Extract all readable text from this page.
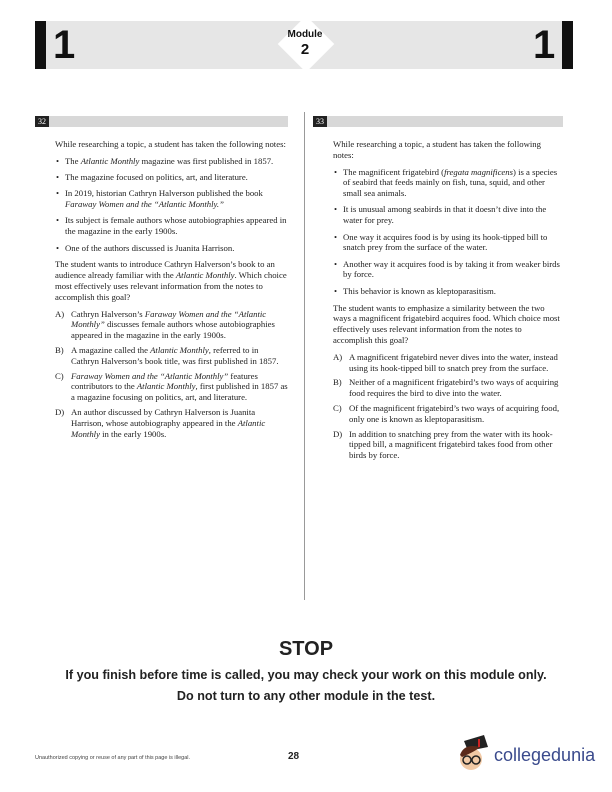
1	Module
2	1
32

While researching a topic, a student has taken the following notes:

• The Atlantic Monthly magazine was first published in 1857.
• The magazine focused on politics, art, and literature.
• In 2019, historian Cathryn Halverson published the book Faraway Women and the “Atlantic Monthly.”
• Its subject is female authors whose autobiographies appeared in the magazine in the early 1900s.
• One of the authors discussed is Juanita Harrison.

The student wants to introduce Cathryn Halverson’s book to an audience already familiar with the Atlantic Monthly. Which choice most effectively uses relevant information from the notes to accomplish this goal?

A) Cathryn Halverson’s Faraway Women and the “Atlantic Monthly” discusses female authors whose autobiographies appeared in the magazine in the early 1900s.
B) A magazine called the Atlantic Monthly, referred to in Cathryn Halverson’s book title, was first published in 1857.
C) Faraway Women and the “Atlantic Monthly” features contributors to the Atlantic Monthly, first published in 1857 as a magazine focusing on politics, art, and literature.
D) An author discussed by Cathryn Halverson is Juanita Harrison, whose autobiography appeared in the Atlantic Monthly in the early 1900s.
33

While researching a topic, a student has taken the following notes:

• The magnificent frigatebird (fregata magnificens) is a species of seabird that feeds mainly on fish, tuna, squid, and other small sea animals.
• It is unusual among seabirds in that it doesn’t dive into the water for prey.
• One way it acquires food is by using its hook-tipped bill to snatch prey from the surface of the water.
• Another way it acquires food is by taking it from weaker birds by force.
• This behavior is known as kleptoparasitism.

The student wants to emphasize a similarity between the two ways a magnificent frigatebird acquires food. Which choice most effectively uses relevant information from the notes to accomplish this goal?

A) A magnificent frigatebird never dives into the water, instead using its hook-tipped bill to snatch prey from the surface.
B) Neither of a magnificent frigatebird’s two ways of acquiring food requires the bird to dive into the water.
C) Of the magnificent frigatebird’s two ways of acquiring food, only one is known as kleptoparasitism.
D) In addition to snatching prey from the water with its hook-tipped bill, a magnificent frigatebird takes food from other birds by force.
STOP
If you finish before time is called, you may check your work on this module only.
Do not turn to any other module in the test.
Unauthorized copying or reuse of any part of this page is illegal.	28	collegedunia
